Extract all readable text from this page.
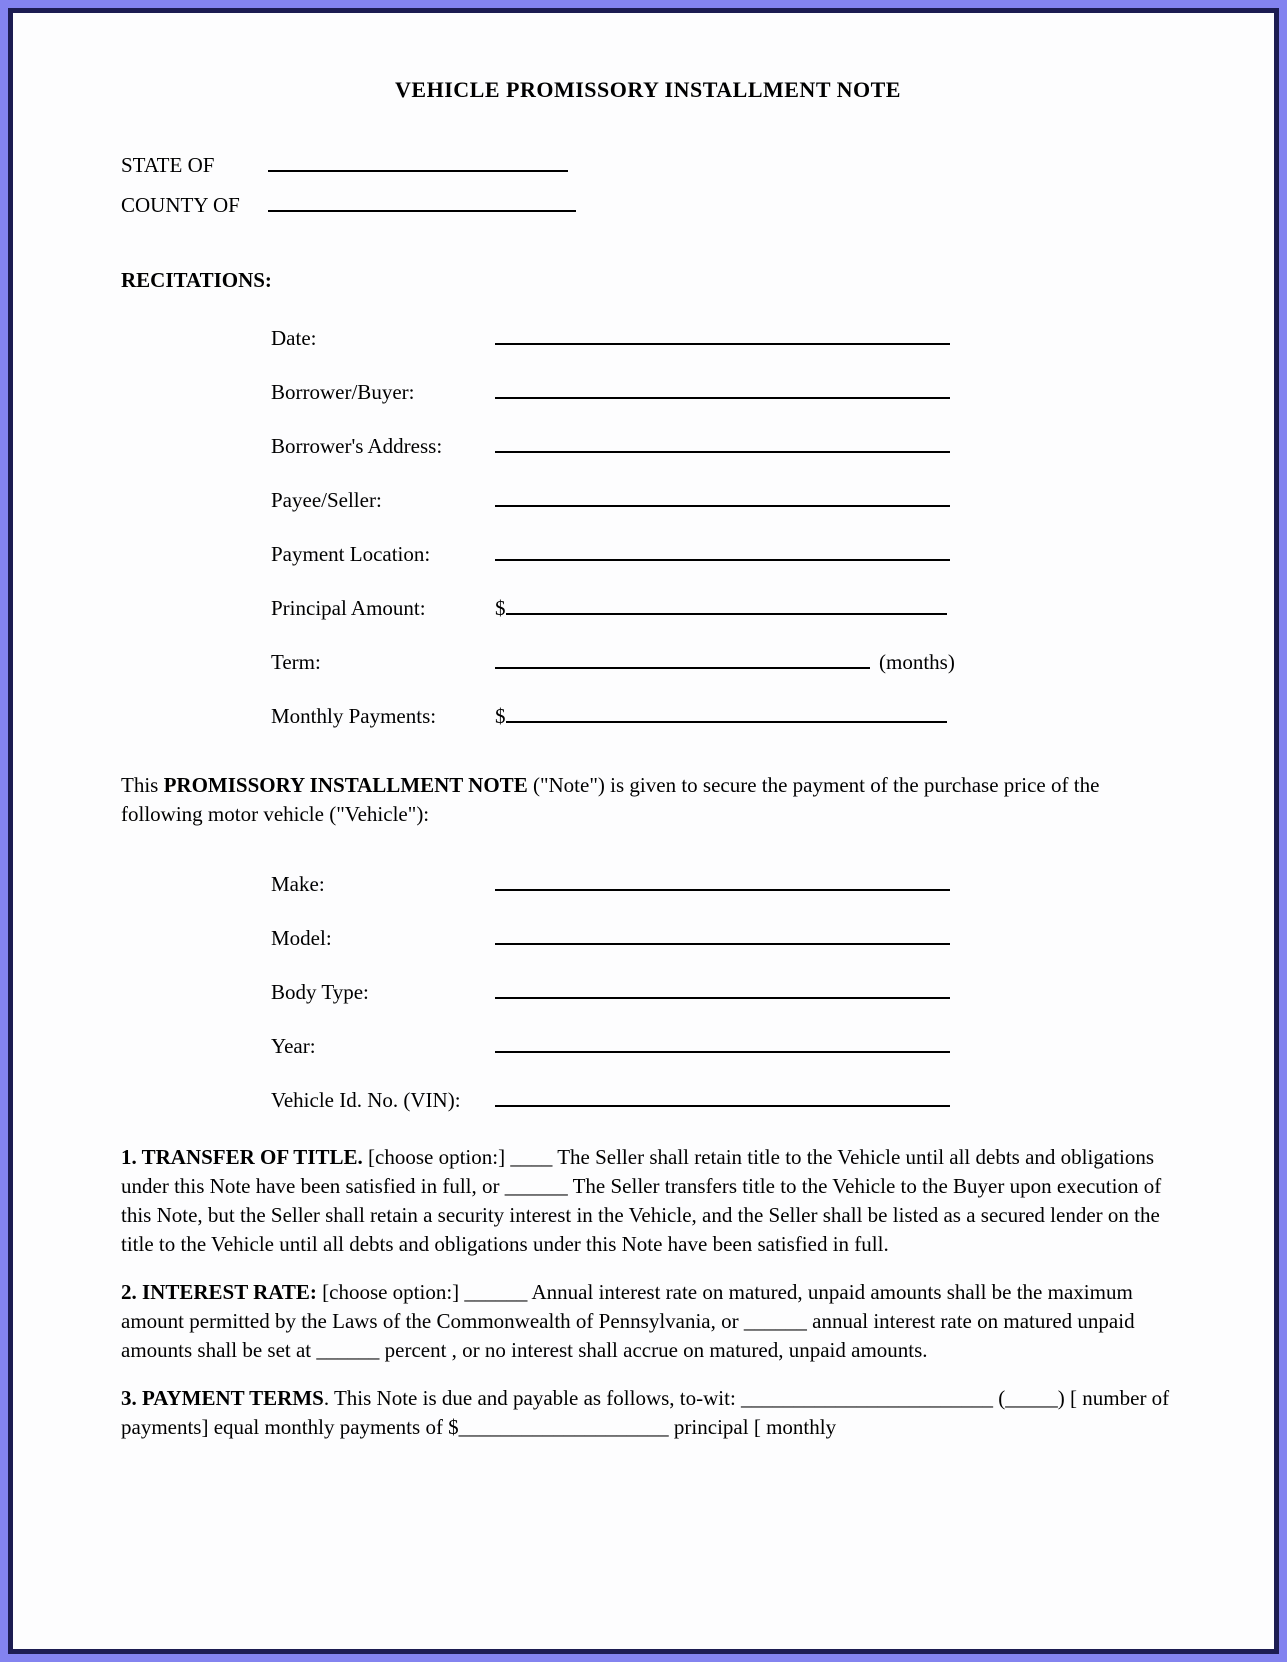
VEHICLE PROMISSORY INSTALLMENT NOTE
STATE OF
COUNTY OF
RECITATIONS:
Date:
Borrower/Buyer:
Borrower's Address:
Payee/Seller:
Payment Location:
Principal Amount:	$
Term:	(months)
Monthly Payments:	$

This PROMISSORY INSTALLMENT NOTE ("Note") is given to secure the payment of the purchase price of the following motor vehicle ("Vehicle"):

Make:
Model:
Body Type:
Year:
Vehicle Id. No. (VIN):

1. TRANSFER OF TITLE. [choose option:] ____ The Seller shall retain title to the Vehicle until all debts and obligations under this Note have been satisfied in full, or ______ The Seller transfers title to the Vehicle to the Buyer upon execution of this Note, but the Seller shall retain a security interest in the Vehicle, and the Seller shall be listed as a secured lender on the title to the Vehicle until all debts and obligations under this Note have been satisfied in full.

2. INTEREST RATE: [choose option:] ______ Annual interest rate on matured, unpaid amounts shall be the maximum amount permitted by the Laws of the Commonwealth of Pennsylvania, or ______ annual interest rate on matured unpaid amounts shall be set at ______ percent , or no interest shall accrue on matured, unpaid amounts.

3. PAYMENT TERMS. This Note is due and payable as follows, to-wit: ________________________ (_____) [ number of payments] equal monthly payments of $____________________ principal [ monthly
